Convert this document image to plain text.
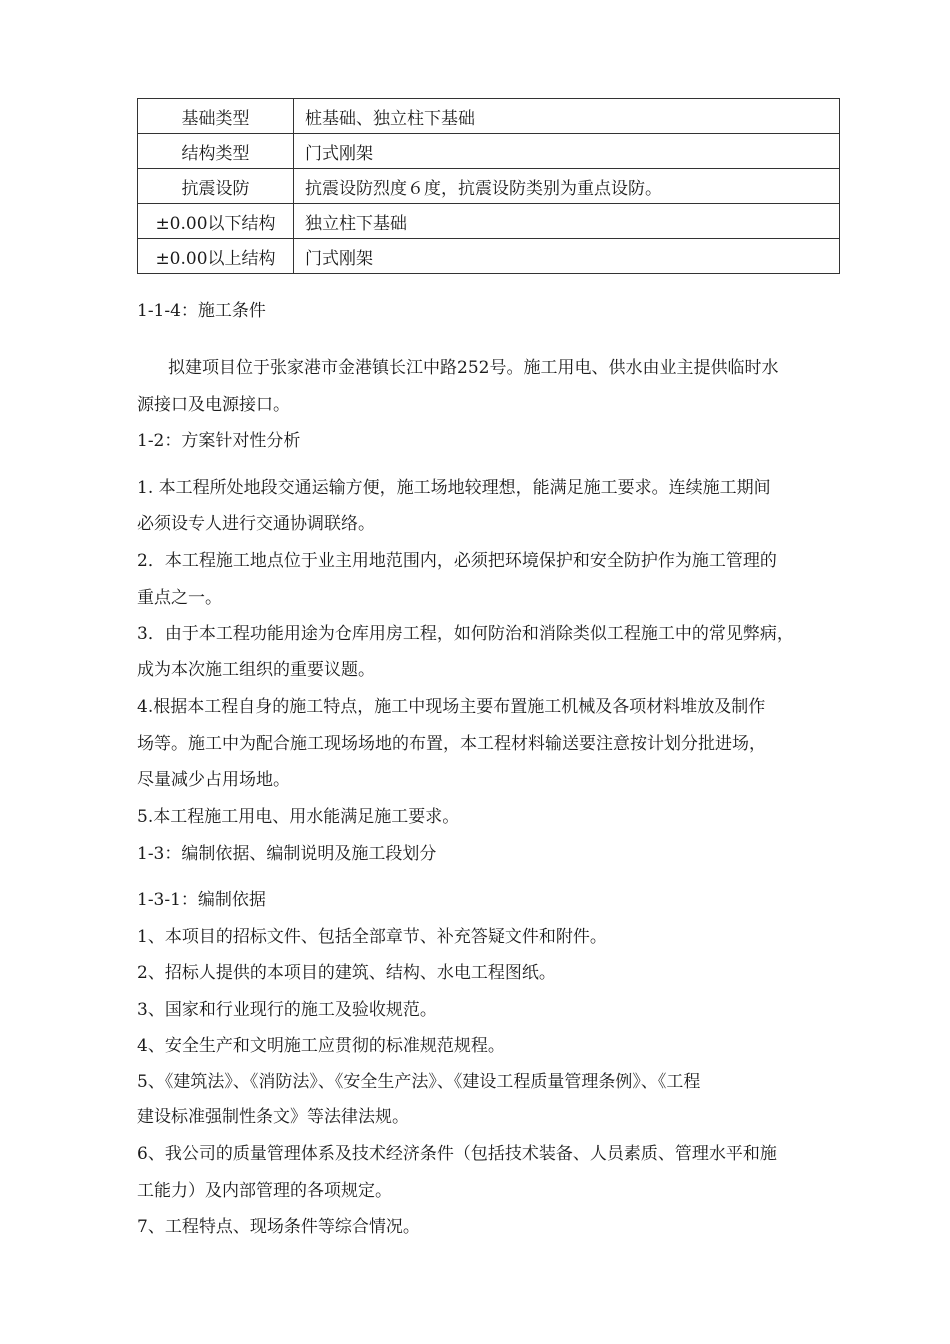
基础类型	桩基础、独立柱下基础
结构类型	门式刚架
抗震设防	抗震设防烈度６度，抗震设防类别为重点设防。
±0.00以下结构	独立柱下基础
±0.00以上结构	门式刚架
1-1-4：施工条件
拟建项目位于张家港市金港镇长江中路252号。施工用电、供水由业主提供临时水
源接口及电源接口。
1-2：方案针对性分析
1. 本工程所处地段交通运输方便，施工场地较理想，能满足施工要求。连续施工期间
必须设专人进行交通协调联络。
2．本工程施工地点位于业主用地范围内，必须把环境保护和安全防护作为施工管理的
重点之一。
3．由于本工程功能用途为仓库用房工程，如何防治和消除类似工程施工中的常见弊病，
成为本次施工组织的重要议题。
4.根据本工程自身的施工特点，施工中现场主要布置施工机械及各项材料堆放及制作
场等。施工中为配合施工现场场地的布置，本工程材料输送要注意按计划分批进场，
尽量减少占用场地。
5.本工程施工用电、用水能满足施工要求。
1-3：编制依据、编制说明及施工段划分
1-3-1：编制依据
1、本项目的招标文件、包括全部章节、补充答疑文件和附件。
2、招标人提供的本项目的建筑、结构、水电工程图纸。
3、国家和行业现行的施工及验收规范。
4、安全生产和文明施工应贯彻的标准规范规程。
5、《建筑法》、《消防法》、《安全生产法》、《建设工程质量管理条例》、《工程
建设标准强制性条文》等法律法规。
6、我公司的质量管理体系及技术经济条件（包括技术装备、人员素质、管理水平和施
工能力）及内部管理的各项规定。
7、工程特点、现场条件等综合情况。
